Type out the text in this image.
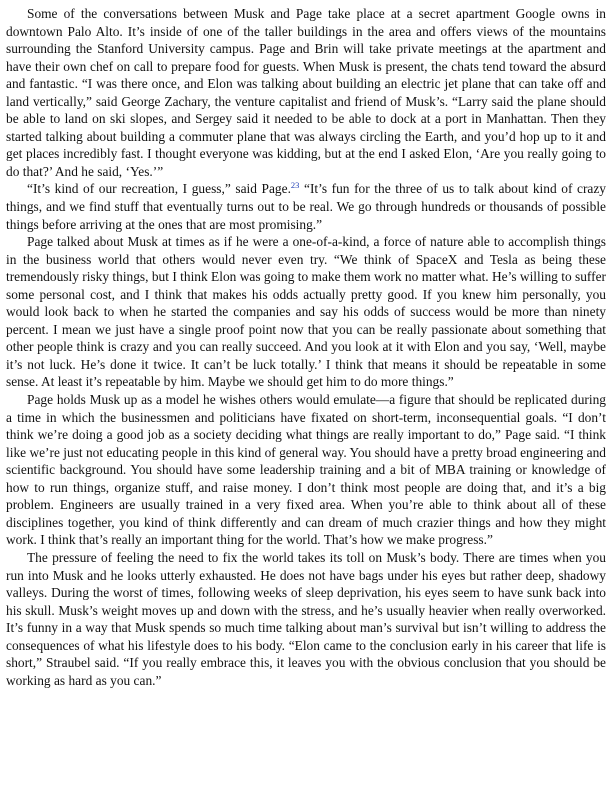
Some of the conversations between Musk and Page take place at a secret apartment Google owns in downtown Palo Alto. It’s inside of one of the taller buildings in the area and offers views of the mountains surrounding the Stanford University campus. Page and Brin will take private meetings at the apartment and have their own chef on call to prepare food for guests. When Musk is present, the chats tend toward the absurd and fantastic. “I was there once, and Elon was talking about building an electric jet plane that can take off and land vertically,” said George Zachary, the venture capitalist and friend of Musk’s. “Larry said the plane should be able to land on ski slopes, and Sergey said it needed to be able to dock at a port in Manhattan. Then they started talking about building a commuter plane that was always circling the Earth, and you’d hop up to it and get places incredibly fast. I thought everyone was kidding, but at the end I asked Elon, ‘Are you really going to do that?’ And he said, ‘Yes.’”

“It’s kind of our recreation, I guess,” said Page.$^{23}$ “It’s fun for the three of us to talk about kind of crazy things, and we find stuff that eventually turns out to be real. We go through hundreds or thousands of possible things before arriving at the ones that are most promising.”

Page talked about Musk at times as if he were a one-of-a-kind, a force of nature able to accomplish things in the business world that others would never even try. “We think of SpaceX and Tesla as being these tremendously risky things, but I think Elon was going to make them work no matter what. He’s willing to suffer some personal cost, and I think that makes his odds actually pretty good. If you knew him personally, you would look back to when he started the companies and say his odds of success would be more than ninety percent. I mean we just have a single proof point now that you can be really passionate about something that other people think is crazy and you can really succeed. And you look at it with Elon and you say, ‘Well, maybe it’s not luck. He’s done it twice. It can’t be luck totally.’ I think that means it should be repeatable in some sense. At least it’s repeatable by him. Maybe we should get him to do more things.”

Page holds Musk up as a model he wishes others would emulate—a figure that should be replicated during a time in which the businessmen and politicians have fixated on short-term, inconsequential goals. “I don’t think we’re doing a good job as a society deciding what things are really important to do,” Page said. “I think like we’re just not educating people in this kind of general way. You should have a pretty broad engineering and scientific background. You should have some leadership training and a bit of MBA training or knowledge of how to run things, organize stuff, and raise money. I don’t think most people are doing that, and it’s a big problem. Engineers are usually trained in a very fixed area. When you’re able to think about all of these disciplines together, you kind of think differently and can dream of much crazier things and how they might work. I think that’s really an important thing for the world. That’s how we make progress.”

The pressure of feeling the need to fix the world takes its toll on Musk’s body. There are times when you run into Musk and he looks utterly exhausted. He does not have bags under his eyes but rather deep, shadowy valleys. During the worst of times, following weeks of sleep deprivation, his eyes seem to have sunk back into his skull. Musk’s weight moves up and down with the stress, and he’s usually heavier when really overworked. It’s funny in a way that Musk spends so much time talking about man’s survival but isn’t willing to address the consequences of what his lifestyle does to his body. “Elon came to the conclusion early in his career that life is short,” Straubel said. “If you really embrace this, it leaves you with the obvious conclusion that you should be working as hard as you can.”
